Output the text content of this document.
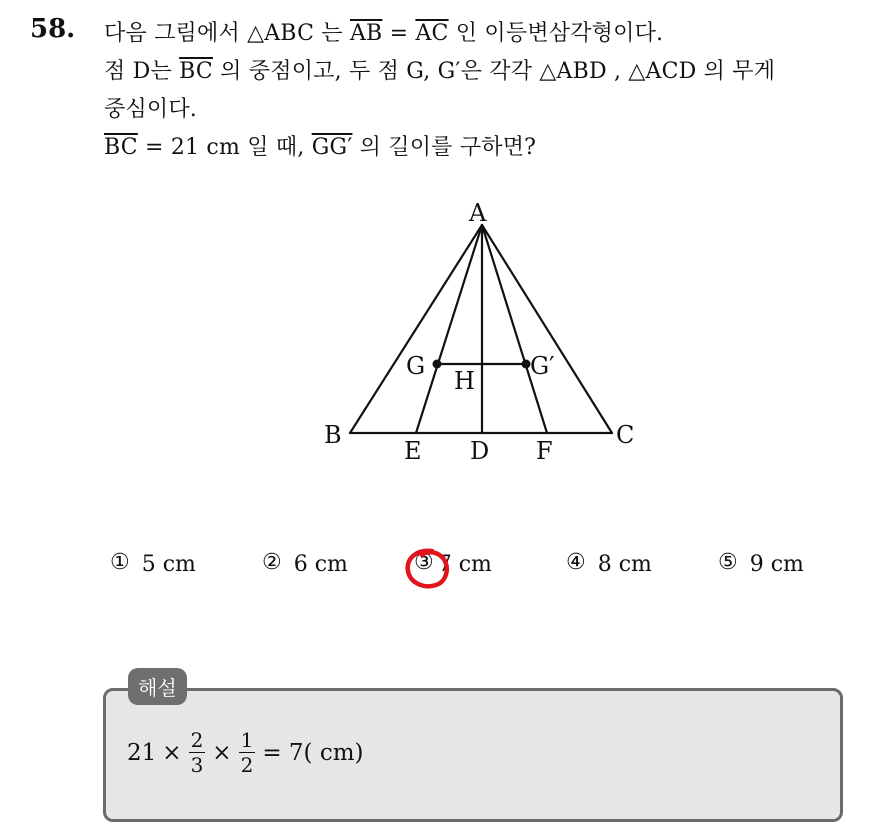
58. 다음 그림에서 △ABC 는 $\overline{AB} = \overline{AC}$ 인 이등변삼각형이다.
점 D는 $\overline{BC}$ 의 중점이고, 두 점 G, G′은 각각 △ABD , △ACD 의 무게
중심이다.
$\overline{BC} = 21$ cm 일 때, GG′ 의 길이를 구하면?
A
B	C
D
E	F
G	G′
H
① 5 cm	② 6 cm	③ 7 cm	④ 8 cm	⑤ 9 cm
해설
$21 \times \frac{2}{3} \times \frac{1}{2} = 7$( cm)
